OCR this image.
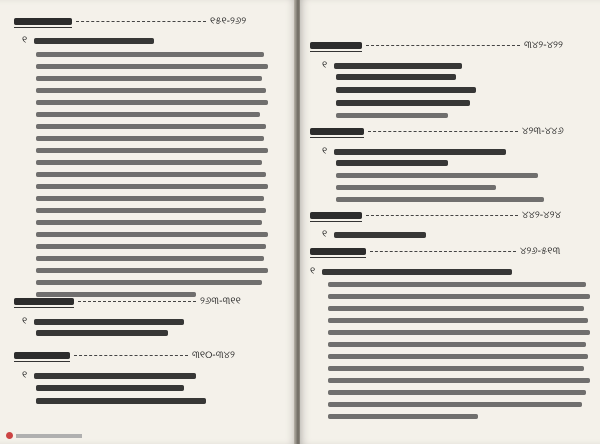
୧୫୧-୨୬୨
୧
୨୬୩-୩୧୧
୧
୩୧୦-୩୪୨
୧
୩୪୨-୪୨୨
୧
୪୨୩-୪୪୬
୧
୪୪୨-୪୨୪
୧
୪୨୬-୫୧୩
୧
